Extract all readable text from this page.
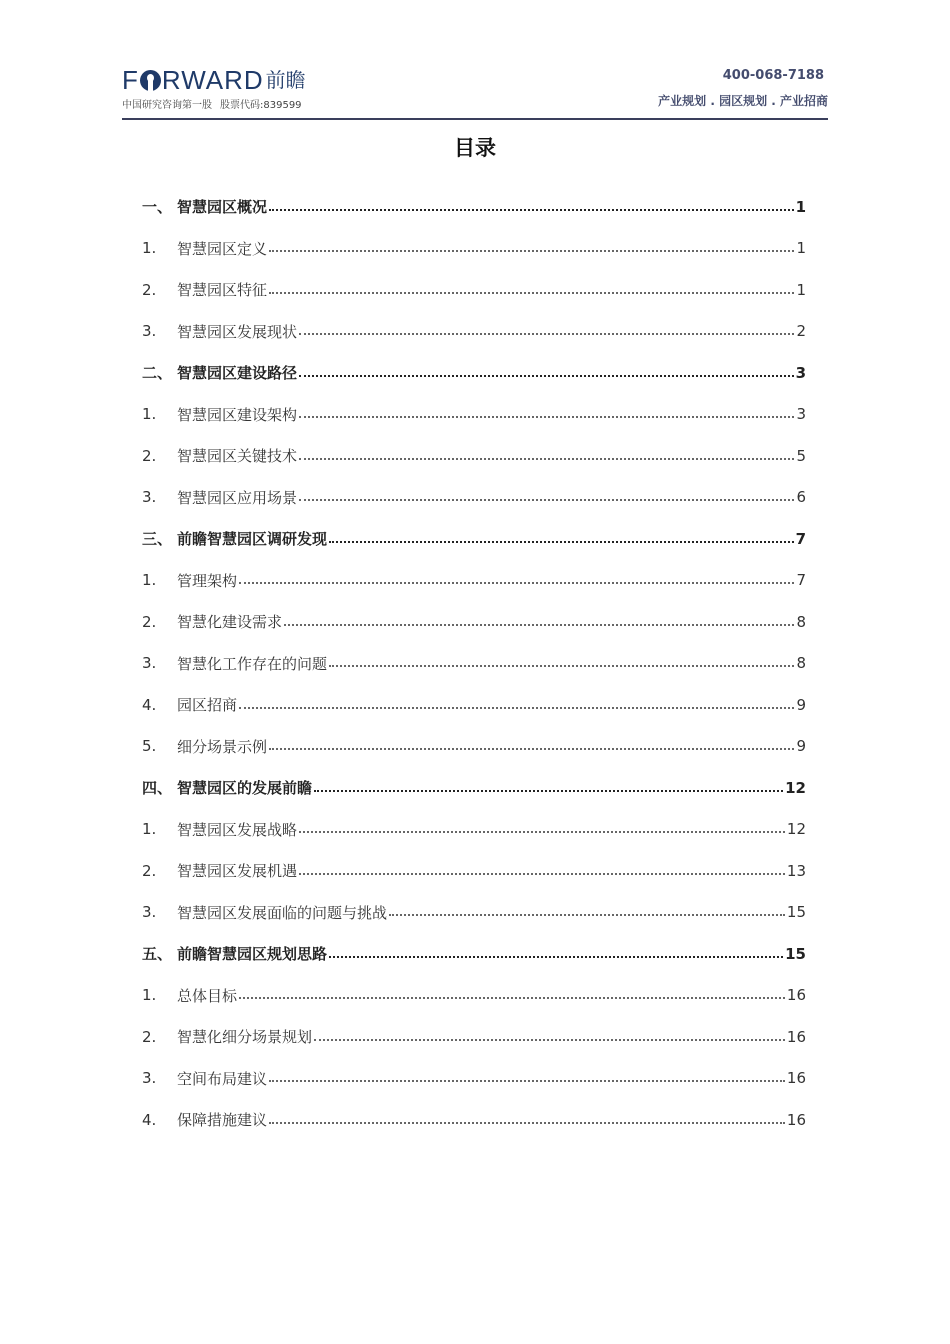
F RWARD 前瞻
中国研究咨询第一股 股票代码:839599
400-068-7188
产业规划 . 园区规划 . 产业招商
目录
一、 智慧园区概况	1
1.	智慧园区定义	1
2.	智慧园区特征	1
3.	智慧园区发展现状	2
二、 智慧园区建设路径	3
1.	智慧园区建设架构	3
2.	智慧园区关键技术	5
3.	智慧园区应用场景	6
三、 前瞻智慧园区调研发现	7
1.	管理架构	7
2.	智慧化建设需求	8
3.	智慧化工作存在的问题	8
4.	园区招商	9
5.	细分场景示例	9
四、 智慧园区的发展前瞻	12
1.	智慧园区发展战略	12
2.	智慧园区发展机遇	13
3.	智慧园区发展面临的问题与挑战	15
五、 前瞻智慧园区规划思路	15
1.	总体目标	16
2.	智慧化细分场景规划	16
3.	空间布局建议	16
4.	保障措施建议	16
